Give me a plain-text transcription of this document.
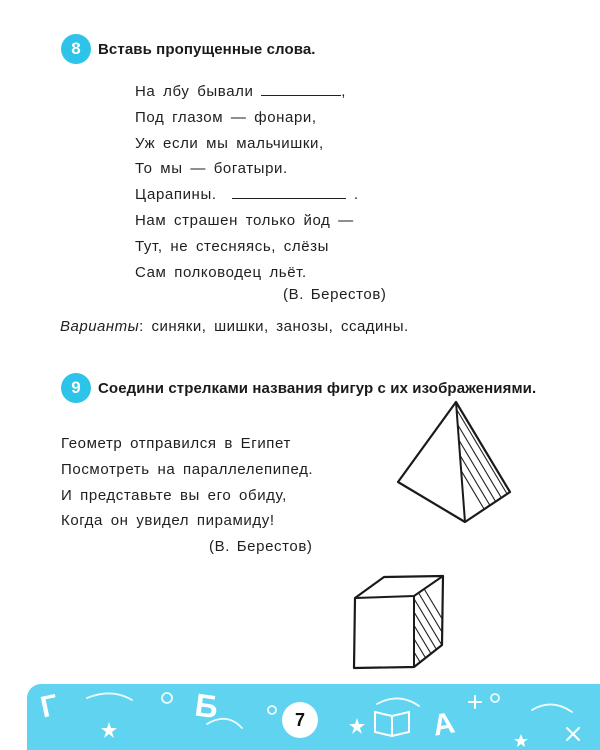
8	Вставь пропущенные слова.
На лбу бывали	,
Под глазом — фонари,
Уж если мы мальчишки,
То мы — богатыри.
Царапины.	.
Нам страшен только йод —
Тут, не стесняясь, слёзы
Сам полководец льёт.
(В. Берестов)
Варианты: синяки, шишки, занозы, ссадины.
9	Соедини стрелками названия фигур с их изображениями.
Геометр отправился в Египет
Посмотреть на параллелепипед.
И представьте вы его обиду,
Когда он увидел пирамиду!
(В. Берестов)
Г	Б	А
7
